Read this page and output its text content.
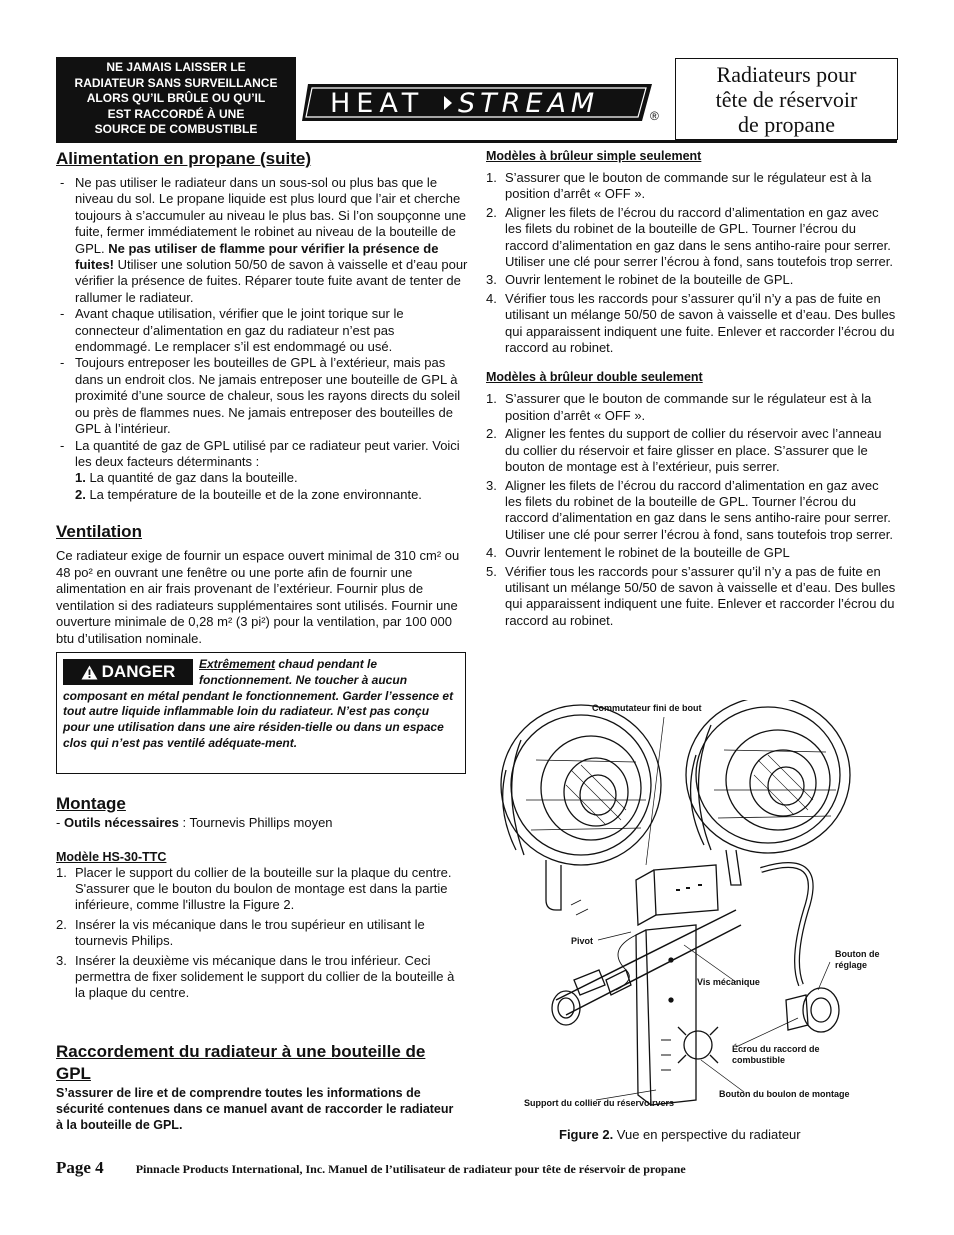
NE JAMAIS LAISSER LE
RADIATEUR SANS SURVEILLANCE
ALORS QU’IL BRÛLE OU QU’IL
EST RACCORDÉ À UNE
SOURCE DE COMBUSTIBLE
HEAT STREAM	®
Radiateurs pour
tête de réservoir
de propane
Alimentation en propane (suite)
- Ne pas utiliser le radiateur dans un sous-sol ou plus bas que le niveau du sol. Le propane liquide est plus lourd que l’air et cherche toujours à s’accumuler au niveau le plus bas. Si l’on soupçonne une fuite, fermer immédiatement le robinet au niveau de la bouteille de GPL. Ne pas utiliser de flamme pour vérifier la présence de fuites! Utiliser une solution 50/50 de savon à vaisselle et d’eau pour vérifier la présence de fuites. Réparer toute fuite avant de tenter de rallumer le radiateur.
- Avant chaque utilisation, vérifier que le joint torique sur le connecteur d’alimentation en gaz du radiateur n’est pas endommagé. Le remplacer s’il est endommagé ou usé.
- Toujours entreposer les bouteilles de GPL à l’extérieur, mais pas dans un endroit clos. Ne jamais entreposer une bouteille de GPL à proximité d’une source de chaleur, sous les rayons directs du soleil ou près de flammes nues. Ne jamais entreposer des bouteilles de GPL à l’intérieur.
- La quantité de gaz de GPL utilisé par ce radiateur peut varier. Voici les deux facteurs déterminants :
1. La quantité de gaz dans la bouteille.
2. La température de la bouteille et de la zone environnante.
Ventilation
Ce radiateur exige de fournir un espace ouvert minimal de 310 cm² ou 48 po² en ouvrant une fenêtre ou une porte afin de fournir une alimentation en air frais provenant de l’extérieur. Fournir plus de ventilation si des radiateurs supplémentaires sont utilisés. Fournir une ouverture minimale de 0,28 m² (3 pi²) pour la ventilation, par 100 000 btu d’utilisation nominale.
DANGER	Extrêmement chaud pendant le fonctionnement. Ne toucher à aucun composant en métal pendant le fonctionnement. Garder l’essence et tout autre liquide inflammable loin du radiateur. N’est pas conçu pour une utilisation dans une aire résiden-tielle ou dans un espace clos qui n’est pas ventilé adéquate-ment.
Montage
- Outils nécessaires : Tournevis Phillips moyen
Modèle HS-30-TTC
1. Placer le support du collier de la bouteille sur la plaque du centre. S'assurer que le bouton du boulon de montage est dans la partie inférieure, comme l'illustre la Figure 2.
2. Insérer la vis mécanique dans le trou supérieur en utilisant le tournevis Philips.
3. Insérer la deuxième vis mécanique dans le trou inférieur. Ceci permettra de fixer solidement le support du collier de la bouteille à la plaque du centre.
Raccordement du radiateur à une bouteille de GPL
S’assurer de lire et de comprendre toutes les informations de sécurité contenues dans ce manuel avant de raccorder le radiateur à la bouteille de GPL.
Modèles à brûleur simple seulement
1. S’assurer que le bouton de commande sur le régulateur est à la position d’arrêt « OFF ».
2. Aligner les filets de l’écrou du raccord d’alimentation en gaz avec les filets du robinet de la bouteille de GPL. Tourner l’écrou du raccord d’alimentation en gaz dans le sens antiho-raire pour serrer. Utiliser une clé pour serrer l’écrou à fond, sans toutefois trop serrer.
3. Ouvrir lentement le robinet de la bouteille de GPL.
4. Vérifier tous les raccords pour s’assurer qu’il n’y a pas de fuite en utilisant un mélange 50/50 de savon à vaisselle et d’eau. Des bulles qui apparaissent indiquent une fuite. Enlever et raccorder l’écrou du raccord au robinet.
Modèles à brûleur double seulement
1. S’assurer que le bouton de commande sur le régulateur est à la position d’arrêt « OFF ».
2. Aligner les fentes du support de collier du réservoir avec l’anneau du collier du réservoir et faire glisser en place. S’assurer que le bouton de montage est à l’extérieur, puis serrer.
3. Aligner les filets de l’écrou du raccord d’alimentation en gaz avec les filets du robinet de la bouteille de GPL. Tourner l’écrou du raccord d’alimentation en gaz dans le sens antiho-raire pour serrer. Utiliser une clé pour serrer l’écrou à fond, sans toutefois trop serrer.
4. Ouvrir lentement le robinet de la bouteille de GPL
5. Vérifier tous les raccords pour s’assurer qu’il n’y a pas de fuite en utilisant un mélange 50/50 de savon à vaisselle et d’eau. Des bulles qui apparaissent indiquent une fuite. Enlever et raccorder l’écrou du raccord au robinet.
Commutateur fini de bout
Pivot
Bouton de réglage
Vis mécanique
Écrou du raccord de combustible
Bouton du boulon de montage
Support du collier du réservoirvers
Figure 2. Vue en perspective du radiateur
Page 4	Pinnacle Products International, Inc. Manuel de l’utilisateur de radiateur pour tête de réservoir de propane
